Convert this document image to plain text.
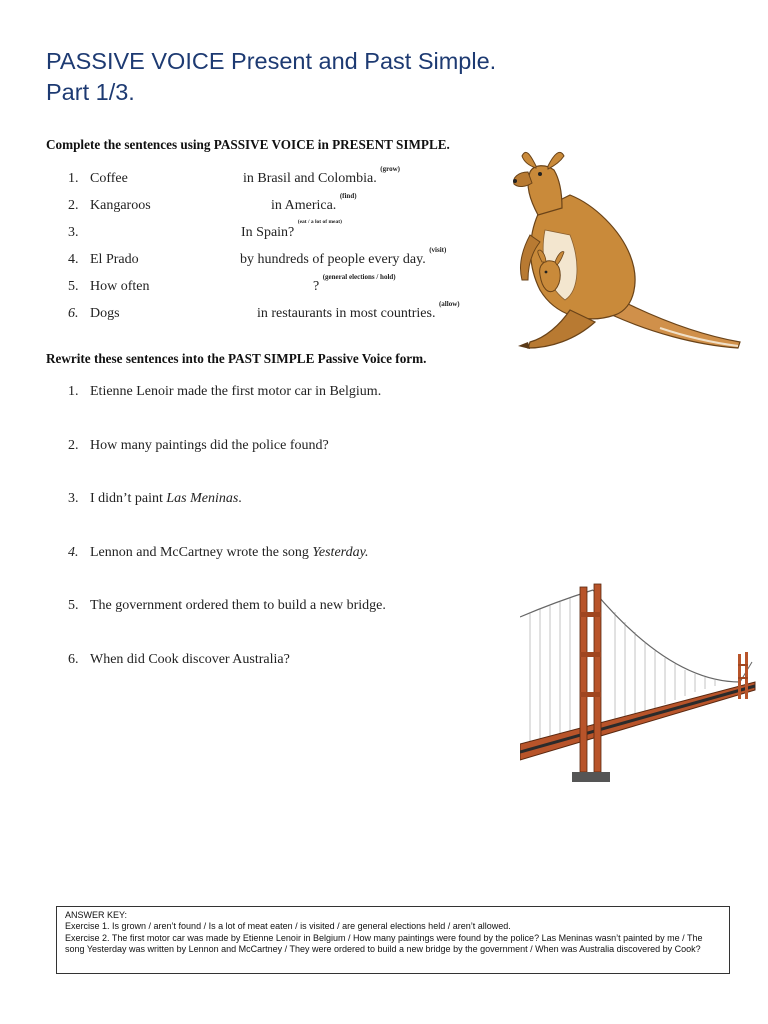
PASSIVE VOICE Present and Past Simple.
Part 1/3.
Complete the sentences using PASSIVE VOICE in PRESENT SIMPLE.
1. Coffee	in Brasil and Colombia. $^{(grow)}$
2. Kangaroos	in America. $^{(find)}$
3.	In Spain? $^{(eat / a lot of meat)}$
4. El Prado	by hundreds of people every day. $^{(visit)}$
5. How often	? $^{(general elections / hold)}$
6. Dogs	in restaurants in most countries. $^{(allow)}$
Rewrite these sentences into the PAST SIMPLE Passive Voice form.
1. Etienne Lenoir made the first motor car in Belgium.
2. How many paintings did the police found?
3. I didn’t paint Las Meninas.
4. Lennon and McCartney wrote the song Yesterday.
5. The government ordered them to build a new bridge.
6. When did Cook discover Australia?
ANSWER KEY:
Exercise 1. Is grown / aren’t found / Is a lot of meat eaten / is visited / are general elections held / aren’t allowed.
Exercise 2. The first motor car was made by Etienne Lenoir in Belgium / How many paintings were found by the police? Las Meninas wasn’t painted by me / The song Yesterday was written by Lennon and McCartney / They were ordered to build a new bridge by the government / When was Australia discovered by Cook?
